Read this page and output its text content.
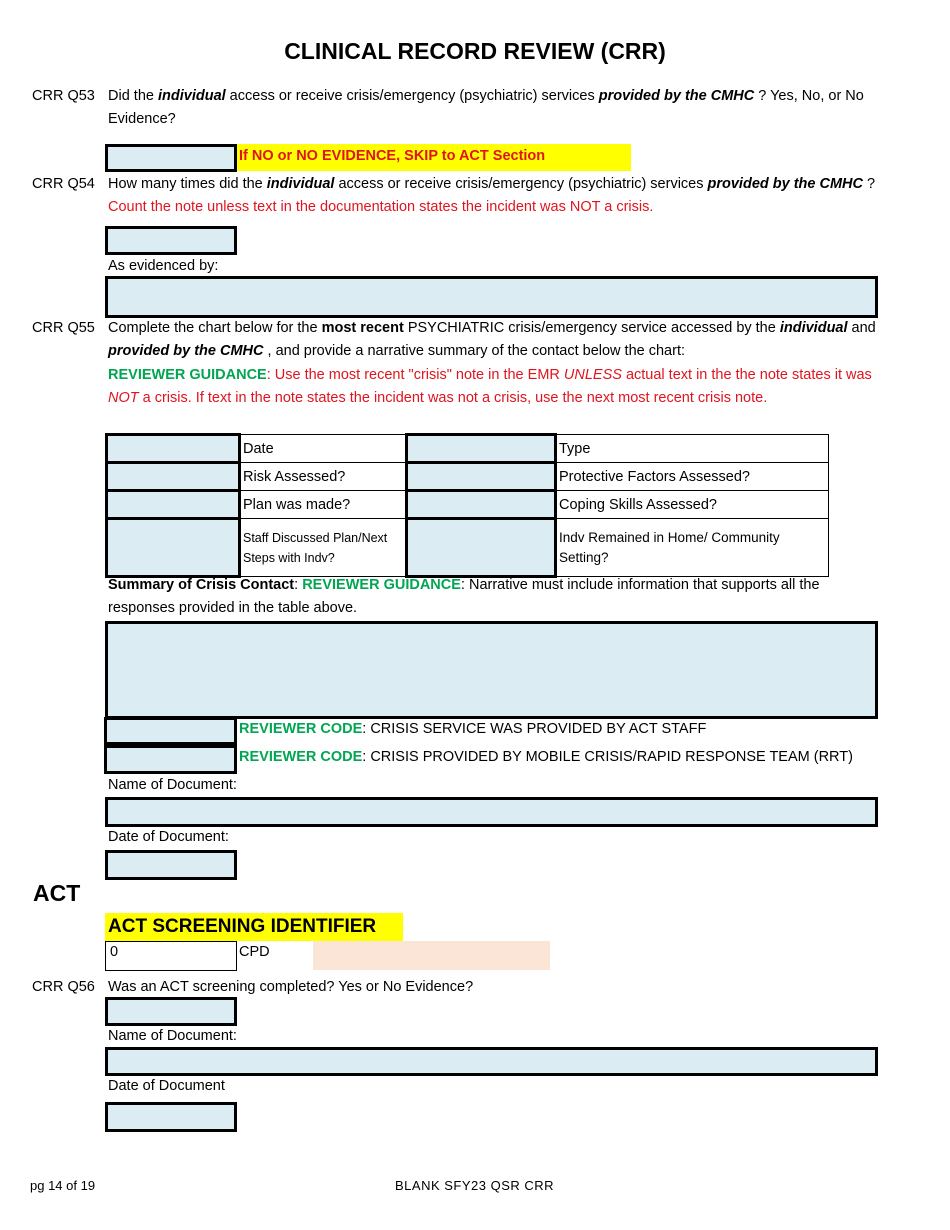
CLINICAL RECORD REVIEW (CRR)
CRR Q53 Did the individual access or receive crisis/emergency (psychiatric) services provided by the CMHC ? Yes, No, or No Evidence?
If NO or NO EVIDENCE, SKIP to ACT Section
CRR Q54 How many times did the individual access or receive crisis/emergency (psychiatric) services provided by the CMHC ? Count the note unless text in the documentation states the incident was NOT a crisis.
As evidenced by:
CRR Q55 Complete the chart below for the most recent PSYCHIATRIC crisis/emergency service accessed by the individual and provided by the CMHC , and provide a narrative summary of the contact below the chart:
REVIEWER GUIDANCE: Use the most recent "crisis" note in the EMR UNLESS actual text in the the note states it was NOT a crisis. If text in the note states the incident was not a crisis, use the next most recent crisis note.
	Date		Type
	Risk Assessed?		Protective Factors Assessed?
	Plan was made?		Coping Skills Assessed?
	Staff Discussed Plan/Next Steps with Indv?		Indv Remained in Home/ Community Setting?
Summary of Crisis Contact: REVIEWER GUIDANCE: Narrative must include information that supports all the responses provided in the table above.
REVIEWER CODE: CRISIS SERVICE WAS PROVIDED BY ACT STAFF
REVIEWER CODE: CRISIS PROVIDED BY MOBILE CRISIS/RAPID RESPONSE TEAM (RRT)
Name of Document:
Date of Document:
ACT
ACT SCREENING IDENTIFIER
0	CPD
CRR Q56 Was an ACT screening completed? Yes or No Evidence?
Name of Document:
Date of Document
pg 14 of 19	BLANK SFY23 QSR CRR
